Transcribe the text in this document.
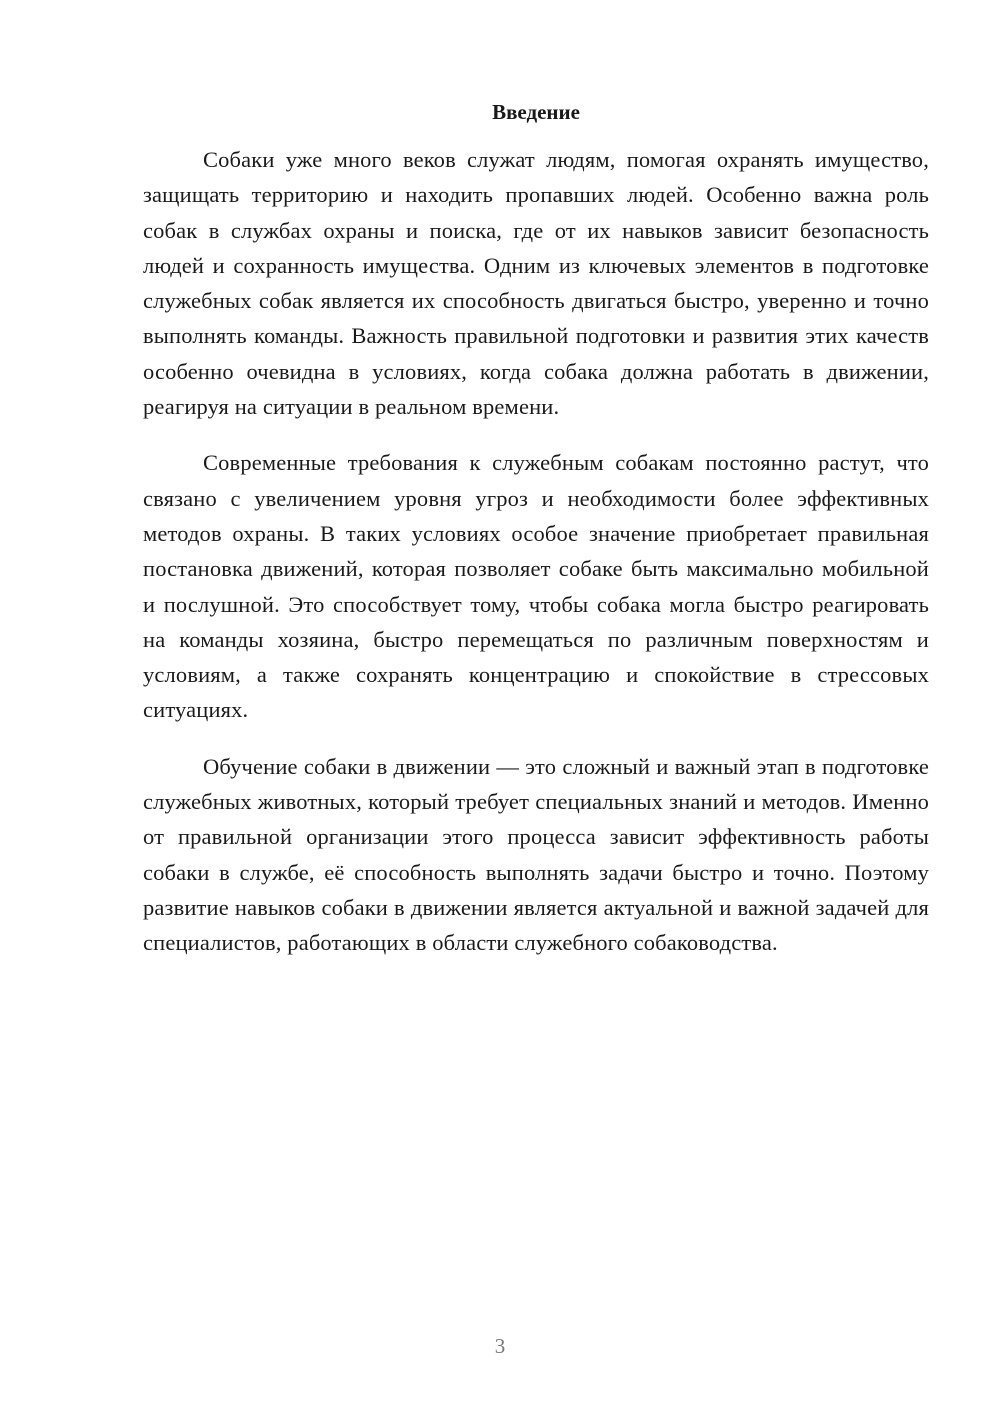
Введение

Собаки уже много веков служат людям, помогая охранять имущество, защищать территорию и находить пропавших людей. Особенно важна роль собак в службах охраны и поиска, где от их навыков зависит безопасность людей и сохранность имущества. Одним из ключевых элементов в подготовке служебных собак является их способность двигаться быстро, уверенно и точно выполнять команды. Важность правильной подготовки и развития этих качеств особенно очевидна в условиях, когда собака должна работать в движении, реагируя на ситуации в реальном времени.

Современные требования к служебным собакам постоянно растут, что связано с увеличением уровня угроз и необходимости более эффективных методов охраны. В таких условиях особое значение приобретает правильная постановка движений, которая позволяет собаке быть максимально мобильной и послушной. Это способствует тому, чтобы собака могла быстро реагировать на команды хозяина, быстро перемещаться по различным поверхностям и условиям, а также сохранять концентрацию и спокойствие в стрессовых ситуациях.

Обучение собаки в движении — это сложный и важный этап в подготовке служебных животных, который требует специальных знаний и методов. Именно от правильной организации этого процесса зависит эффективность работы собаки в службе, её способность выполнять задачи быстро и точно. Поэтому развитие навыков собаки в движении является актуальной и важной задачей для специалистов, работающих в области служебного собаководства.

3
